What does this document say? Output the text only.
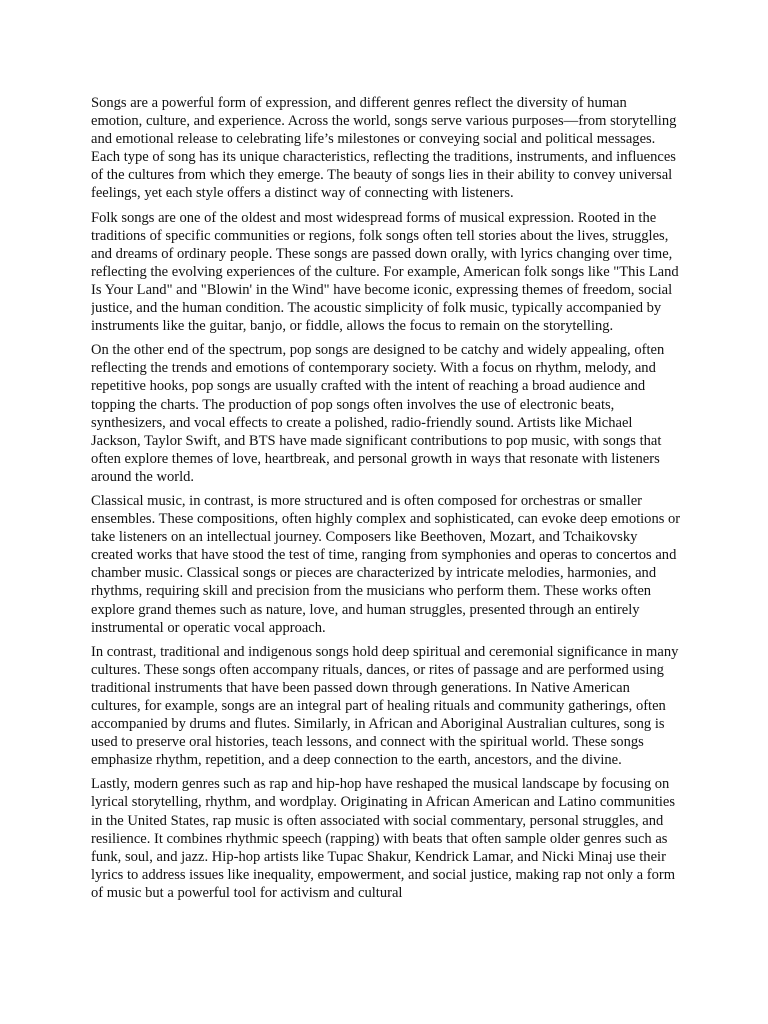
Songs are a powerful form of expression, and different genres reflect the diversity of human emotion, culture, and experience. Across the world, songs serve various purposes—from storytelling and emotional release to celebrating life’s milestones or conveying social and political messages. Each type of song has its unique characteristics, reflecting the traditions, instruments, and influences of the cultures from which they emerge. The beauty of songs lies in their ability to convey universal feelings, yet each style offers a distinct way of connecting with listeners.

Folk songs are one of the oldest and most widespread forms of musical expression. Rooted in the traditions of specific communities or regions, folk songs often tell stories about the lives, struggles, and dreams of ordinary people. These songs are passed down orally, with lyrics changing over time, reflecting the evolving experiences of the culture. For example, American folk songs like "This Land Is Your Land" and "Blowin' in the Wind" have become iconic, expressing themes of freedom, social justice, and the human condition. The acoustic simplicity of folk music, typically accompanied by instruments like the guitar, banjo, or fiddle, allows the focus to remain on the storytelling.

On the other end of the spectrum, pop songs are designed to be catchy and widely appealing, often reflecting the trends and emotions of contemporary society. With a focus on rhythm, melody, and repetitive hooks, pop songs are usually crafted with the intent of reaching a broad audience and topping the charts. The production of pop songs often involves the use of electronic beats, synthesizers, and vocal effects to create a polished, radio-friendly sound. Artists like Michael Jackson, Taylor Swift, and BTS have made significant contributions to pop music, with songs that often explore themes of love, heartbreak, and personal growth in ways that resonate with listeners around the world.

Classical music, in contrast, is more structured and is often composed for orchestras or smaller ensembles. These compositions, often highly complex and sophisticated, can evoke deep emotions or take listeners on an intellectual journey. Composers like Beethoven, Mozart, and Tchaikovsky created works that have stood the test of time, ranging from symphonies and operas to concertos and chamber music. Classical songs or pieces are characterized by intricate melodies, harmonies, and rhythms, requiring skill and precision from the musicians who perform them. These works often explore grand themes such as nature, love, and human struggles, presented through an entirely instrumental or operatic vocal approach.

In contrast, traditional and indigenous songs hold deep spiritual and ceremonial significance in many cultures. These songs often accompany rituals, dances, or rites of passage and are performed using traditional instruments that have been passed down through generations. In Native American cultures, for example, songs are an integral part of healing rituals and community gatherings, often accompanied by drums and flutes. Similarly, in African and Aboriginal Australian cultures, song is used to preserve oral histories, teach lessons, and connect with the spiritual world. These songs emphasize rhythm, repetition, and a deep connection to the earth, ancestors, and the divine.

Lastly, modern genres such as rap and hip-hop have reshaped the musical landscape by focusing on lyrical storytelling, rhythm, and wordplay. Originating in African American and Latino communities in the United States, rap music is often associated with social commentary, personal struggles, and resilience. It combines rhythmic speech (rapping) with beats that often sample older genres such as funk, soul, and jazz. Hip-hop artists like Tupac Shakur, Kendrick Lamar, and Nicki Minaj use their lyrics to address issues like inequality, empowerment, and social justice, making rap not only a form of music but a powerful tool for activism and cultural
